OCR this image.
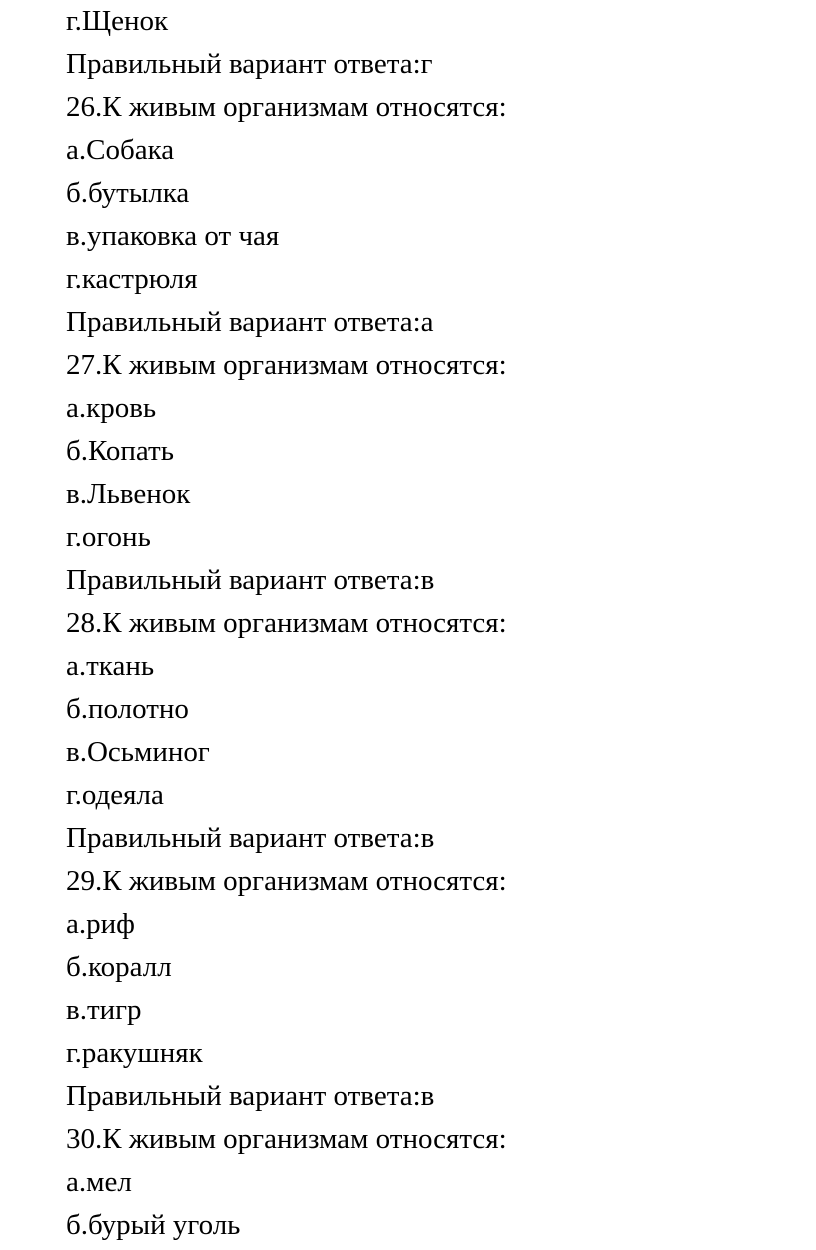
г.Щенок
Правильный вариант ответа:г
26.К живым организмам относятся:
а.Собака
б.бутылка
в.упаковка от чая
г.кастрюля
Правильный вариант ответа:а
27.К живым организмам относятся:
а.кровь
б.Копать
в.Львенок
г.огонь
Правильный вариант ответа:в
28.К живым организмам относятся:
а.ткань
б.полотно
в.Осьминог
г.одеяла
Правильный вариант ответа:в
29.К живым организмам относятся:
а.риф
б.коралл
в.тигр
г.ракушняк
Правильный вариант ответа:в
30.К живым организмам относятся:
а.мел
б.бурый уголь
